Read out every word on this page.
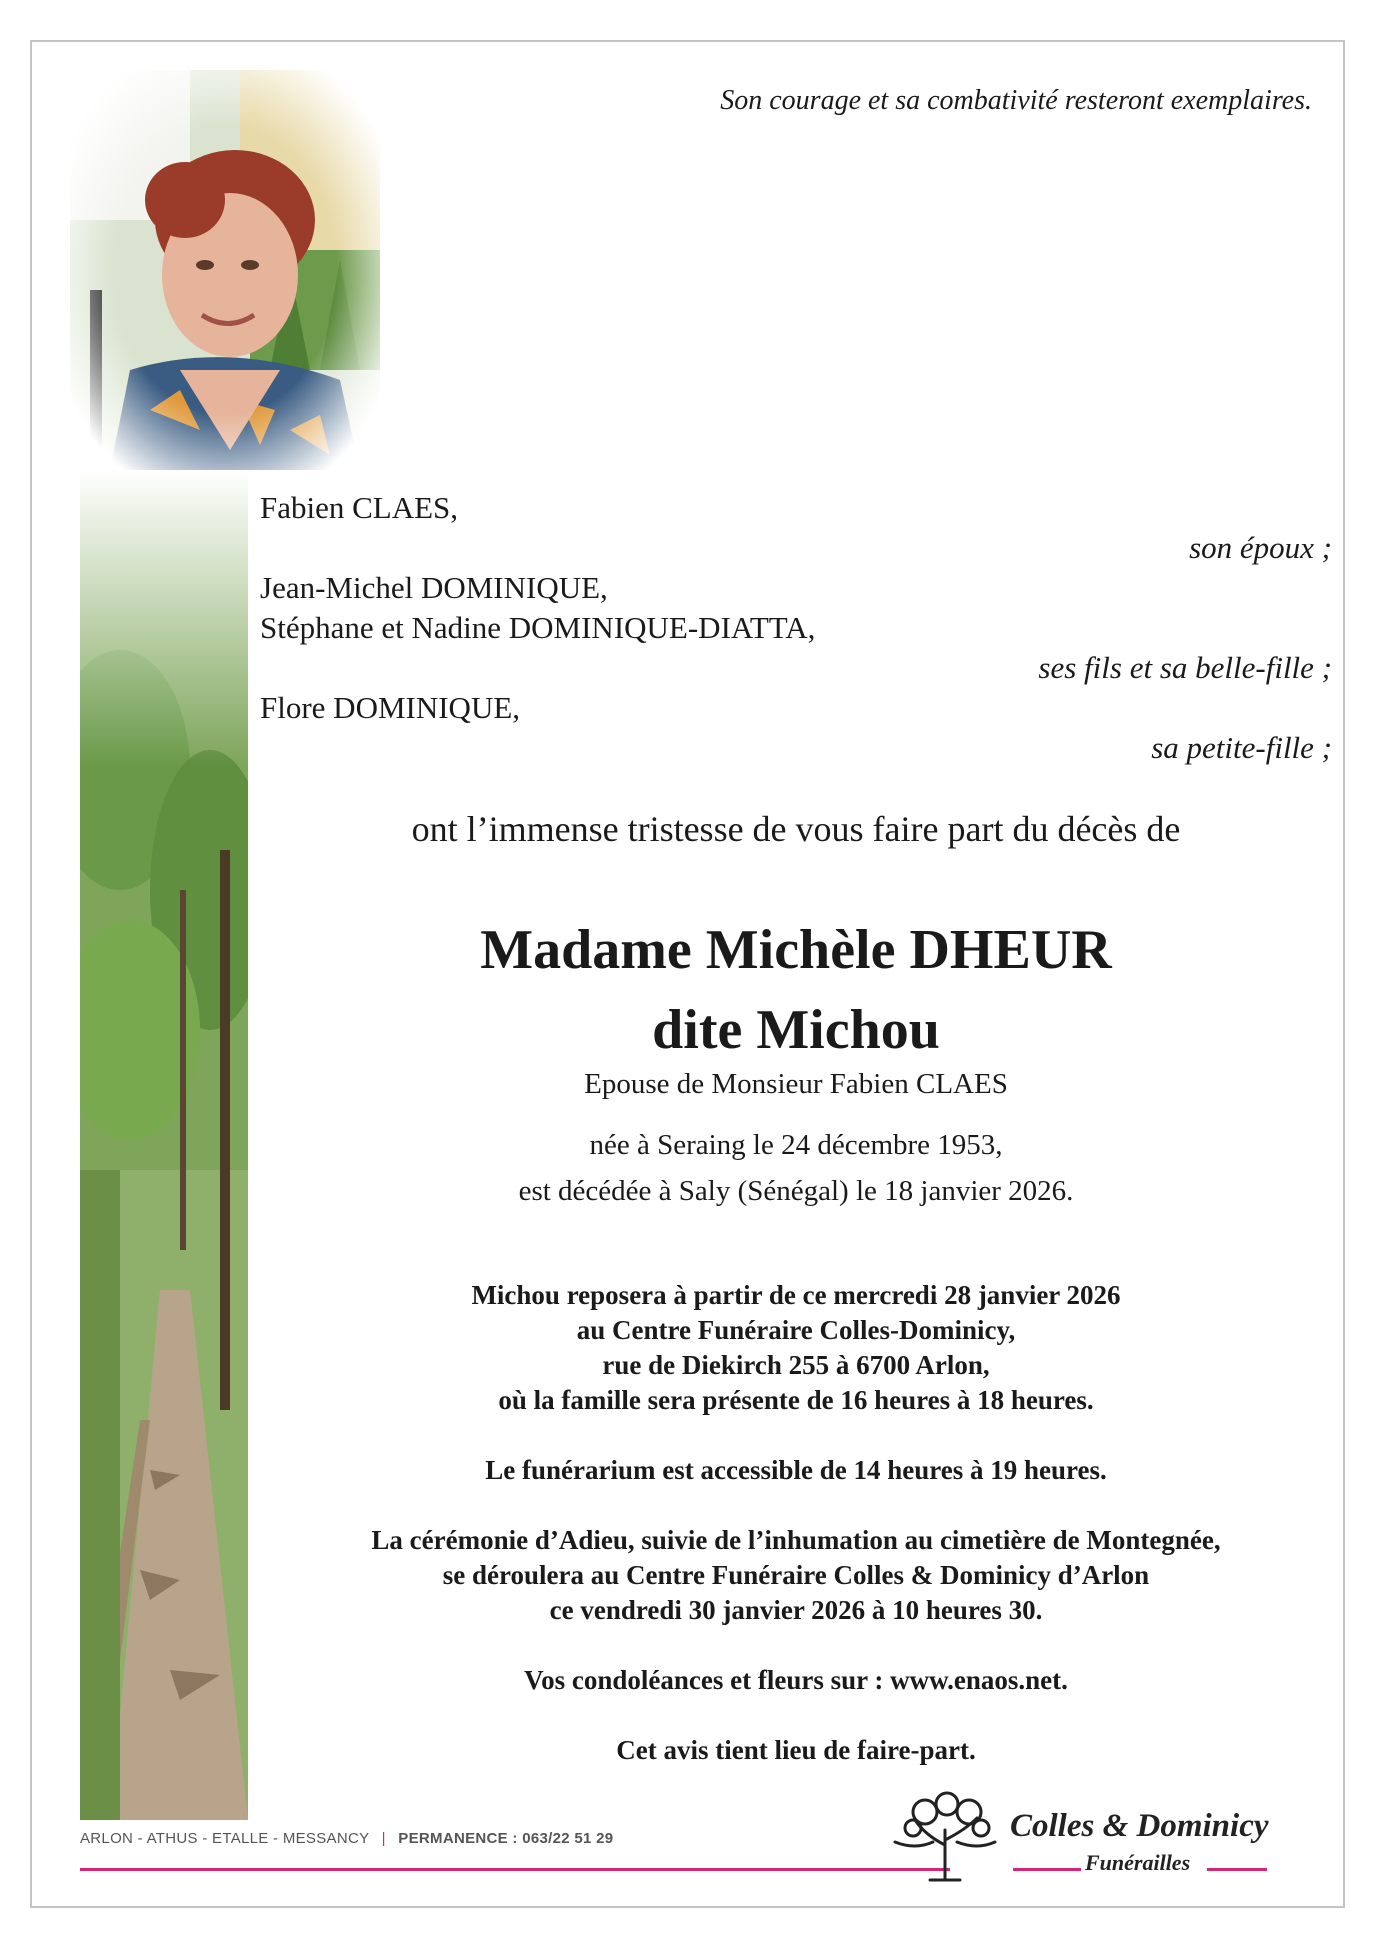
Son courage et sa combativité resteront exemplaires.
Fabien CLAES,
son époux ;
Jean-Michel DOMINIQUE,
Stéphane et Nadine DOMINIQUE-DIATTA,
ses fils et sa belle-fille ;
Flore DOMINIQUE,
sa petite-fille ;
ont l’immense tristesse de vous faire part du décès de
Madame Michèle DHEUR
dite Michou
Epouse de Monsieur Fabien CLAES
née à Seraing le 24 décembre 1953,
est décédée à Saly (Sénégal) le 18 janvier 2026.

Michou reposera à partir de ce mercredi 28 janvier 2026
au Centre Funéraire Colles-Dominicy,
rue de Diekirch 255 à 6700 Arlon,
où la famille sera présente de 16 heures à 18 heures.

Le funérarium est accessible de 14 heures à 19 heures.

La cérémonie d’Adieu, suivie de l’inhumation au cimetière de Montegnée,
se déroulera au Centre Funéraire Colles & Dominicy d’Arlon
ce vendredi 30 janvier 2026 à 10 heures 30.

Vos condoléances et fleurs sur : www.enaos.net.

Cet avis tient lieu de faire-part.

ARLON - ATHUS - ETALLE - MESSANCY | PERMANENCE : 063/22 51 29	Colles & Dominicy
Funérailles
